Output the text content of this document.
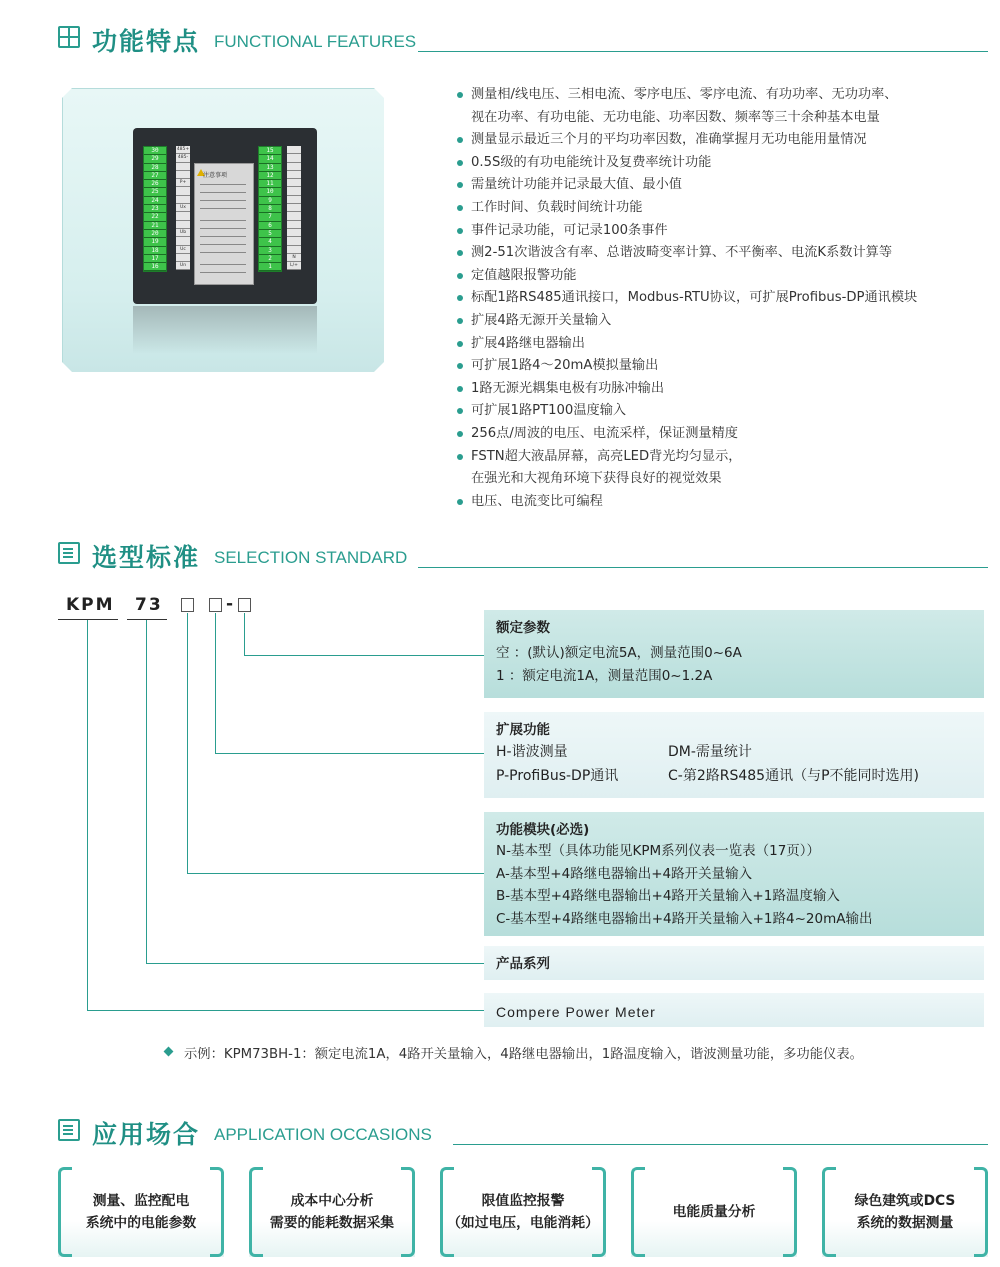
功能特点 FUNCTIONAL FEATURES
30
29
28
27
26
25
24
23
22
21
20
19
18
17
16
485+
485-
P+
Ux
Ub
Uc
Un
15
14
13
12
11
10
9
8
7
6
5
4
3
2
1
N
L/+
注意事项
测量相/线电压、三相电流、零序电压、零序电流、有功功率、无功功率、
视在功率、有功电能、无功电能、功率因数、频率等三十余种基本电量
测量显示最近三个月的平均功率因数，准确掌握月无功电能用量情况
0.5S级的有功电能统计及复费率统计功能
需量统计功能并记录最大值、最小值
工作时间、负载时间统计功能
事件记录功能，可记录100条事件
测2-51次谐波含有率、总谐波畸变率计算、不平衡率、电流K系数计算等
定值越限报警功能
标配1路RS485通讯接口，Modbus-RTU协议，可扩展Profibus-DP通讯模块
扩展4路无源开关量输入
扩展4路继电器输出
可扩展1路4～20mA模拟量输出
1路无源光耦集电极有功脉冲输出
可扩展1路PT100温度输入
256点/周波的电压、电流采样，保证测量精度
FSTN超大液晶屏幕，高亮LED背光均匀显示，
在强光和大视角环境下获得良好的视觉效果
电压、电流变比可编程
选型标准 SELECTION STANDARD
KPM 73	-
额定参数
空 ：(默认)额定电流5A，测量范围0~6A
1 ：额定电流1A，测量范围0~1.2A
扩展功能
H-谐波测量	DM-需量统计
P-ProfiBus-DP通讯	C-第2路RS485通讯（与P不能同时选用)
功能模块(必选)
N-基本型（具体功能见KPM系列仪表一览表（17页））
A-基本型+4路继电器输出+4路开关量输入
B-基本型+4路继电器输出+4路开关量输入+1路温度输入
C-基本型+4路继电器输出+4路开关量输入+1路4~20mA输出
产品系列
Compere Power Meter
示例：KPM73BH-1：额定电流1A，4路开关量输入，4路继电器输出，1路温度输入，谐波测量功能，多功能仪表。
应用场合 APPLICATION OCCASIONS
测量、监控配电
系统中的电能参数
成本中心分析
需要的能耗数据采集
限值监控报警
（如过电压，电能消耗）
电能质量分析
绿色建筑或DCS
系统的数据测量
